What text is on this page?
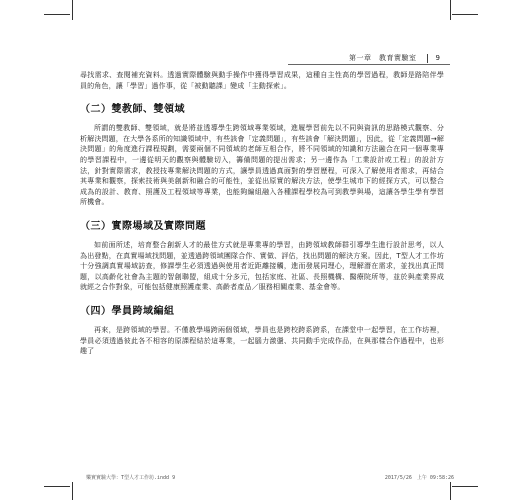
第一章　教育實驗室	9

尋找需求、查閱補充資料。透過實際體驗與動手操作中獲得學習成果，這種自主性高的學習過程，教師是路陪伴學員的角色，讓「學習」過作事，從「被動聽課」變成「主動探索」。

（二）雙教師、雙領域

所謂的雙教師、雙領域，就是將並透導學生跨領域專業領域，進履學習前先以不同與資訊的思路模式觀察、分析解決問題，在大學各系所的知識領域中，有些該會「定義問題」，有些該會「解決問題」，因此，從「定義問題→解決問題」的角度進行課程規劃，需要兩個不同領域的老師互相合作，將不同領域的知識和方法融合在同一個專業專的學習課程中，一邊從明天的觀察與體驗切入，籌備問題的提出需求；另一邊作為「工業設計或工程」的設計方法，針對實際需求，教授技專業解決問題的方式，讓學員透過真面對的學習歷程，可深入了解使用者需求，再結合其專業和觀察，探索技術與美創新和融合的可能性，並從出原實的解決方法，使學生城市下的經探方式，可以整合成為的設計、教育、照護及工程領域等專業，也能夠編組融入各種課程學校為可到教學與場，這讓各學生學有學習所機會。

（三）實際場域及實際問題

如前面所述，培育整合創新人才的最佳方式就是專業專的學習，由跨領域教師群引導學生進行設計思考，以人為出發點，在真實場域找問題，並透過跨領域團隊合作、實做、評估，找出問題的解決方案。因此，T型人才工作坊十分強調真實場域訪查，修課學生必須透過與使用者近距離接觸，進而發展同理心，理解潛在需求，並找出真正問題，以高齡化社會為主題的智創聯盟，組成十分多元，包括家庭、社區、長照機構、醫療院所等，並於與產業界成就經之合作對象，可能包括健康照護產業、高齡者產品／服務相關產業、基金會等。

（四）學員跨域編組

再來，是跨領域的學習。不僅教學場跨兩個領域，學員也是跨校跨系跨系，在課堂中一起學習，在工作坊裡，學員必須透過彼此各不相容的原課程結於這專業，一起腦力激盪、共同動手完成作品，在與那樣合作過程中，也形趣了

樂實實驗大學：T型人才工作坊.indd 9	2017/5/26　上午 09:58:26
